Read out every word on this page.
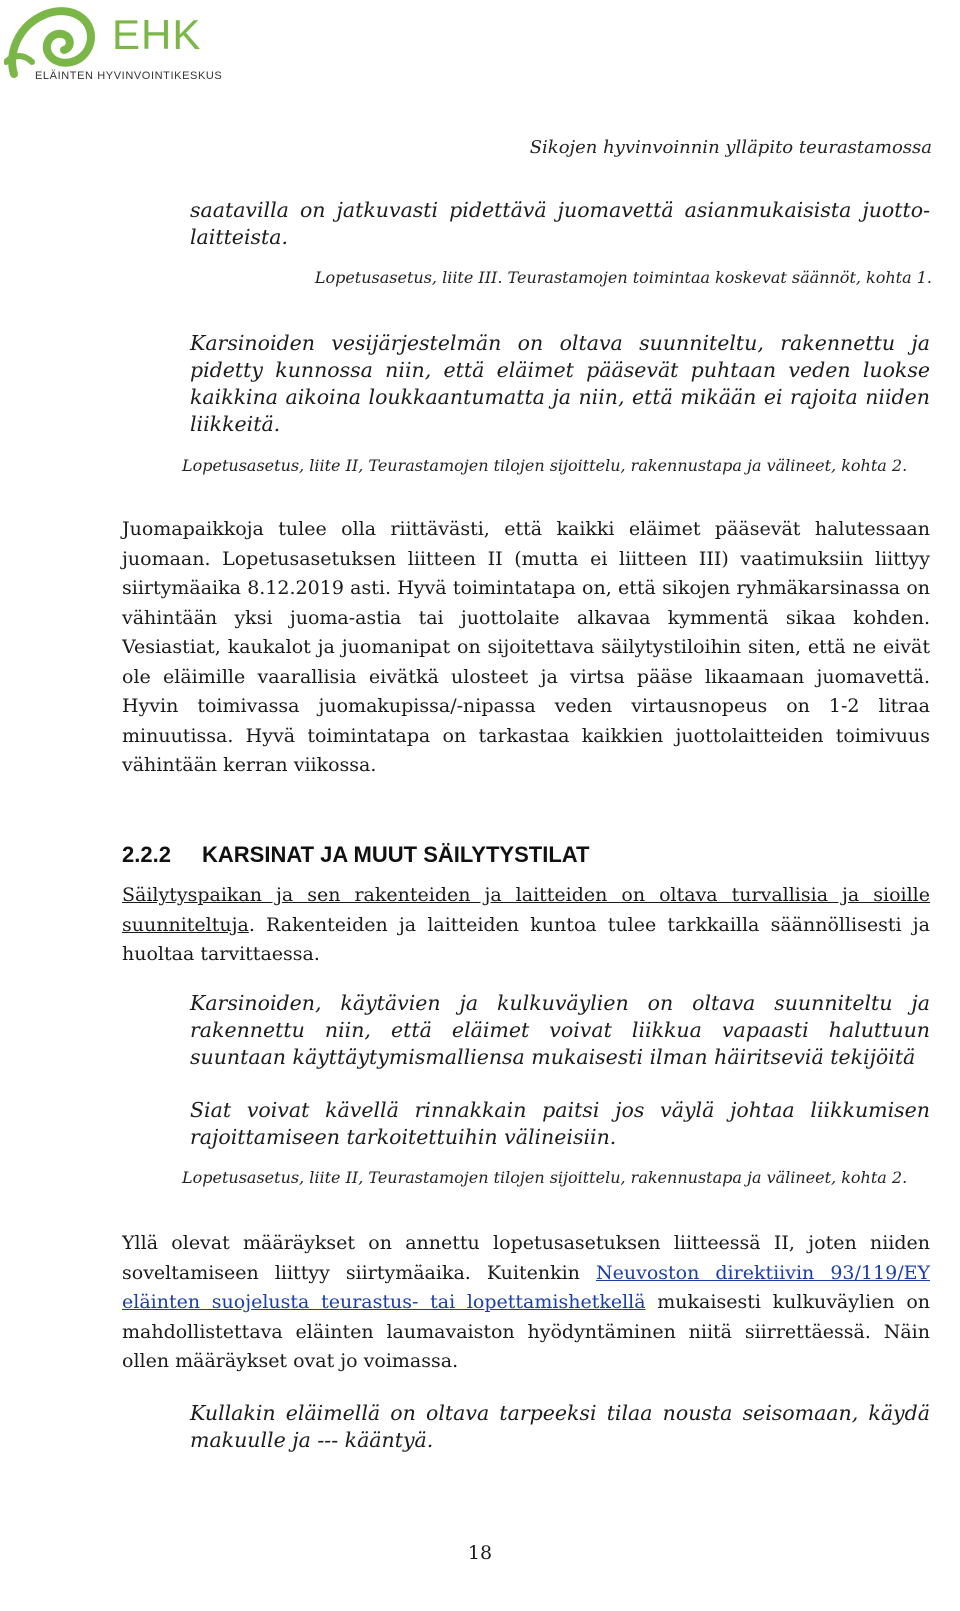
EHK
ELÄINTEN HYVINVOINTIKESKUS
Sikojen hyvinvoinnin ylläpito teurastamossa

saatavilla on jatkuvasti pidettävä juomavettä asianmukaisista juotto-laitteista.

Lopetusasetus, liite III. Teurastamojen toimintaa koskevat säännöt, kohta 1.

Karsinoiden vesijärjestelmän on oltava suunniteltu, rakennettu ja pidetty kunnossa niin, että eläimet pääsevät puhtaan veden luokse kaikkina aikoina loukkaantumatta ja niin, että mikään ei rajoita niiden liikkeitä.

Lopetusasetus, liite II, Teurastamojen tilojen sijoittelu, rakennustapa ja välineet, kohta 2.

Juomapaikkoja tulee olla riittävästi, että kaikki eläimet pääsevät halutessaan juomaan. Lopetusasetuksen liitteen II (mutta ei liitteen III) vaatimuksiin liittyy siirtymäaika 8.12.2019 asti. Hyvä toimintatapa on, että sikojen ryhmäkarsinassa on vähintään yksi juoma-astia tai juottolaite alkavaa kymmentä sikaa kohden. Vesiastiat, kaukalot ja juomanipat on sijoitettava säilytystiloihin siten, että ne eivät ole eläimille vaarallisia eivätkä ulosteet ja virtsa pääse likaamaan juomavettä. Hyvin toimivassa juomakupissa/-nipassa veden virtausnopeus on 1-2 litraa minuutissa. Hyvä toimintatapa on tarkastaa kaikkien juottolaitteiden toimivuus vähintään kerran viikossa.

2.2.2 KARSINAT JA MUUT SÄILYTYSTILAT

Säilytyspaikan ja sen rakenteiden ja laitteiden on oltava turvallisia ja sioille suunniteltuja. Rakenteiden ja laitteiden kuntoa tulee tarkkailla säännöllisesti ja huoltaa tarvittaessa.

Karsinoiden, käytävien ja kulkuväylien on oltava suunniteltu ja rakennettu niin, että eläimet voivat liikkua vapaasti haluttuun suuntaan käyttäytymismalliensa mukaisesti ilman häiritseviä tekijöitä

Siat voivat kävellä rinnakkain paitsi jos väylä johtaa liikkumisen rajoittamiseen tarkoitettuihin välineisiin.

Lopetusasetus, liite II, Teurastamojen tilojen sijoittelu, rakennustapa ja välineet, kohta 2.

Yllä olevat määräykset on annettu lopetusasetuksen liitteessä II, joten niiden soveltamiseen liittyy siirtymäaika. Kuitenkin Neuvoston direktiivin 93/119/EY eläinten suojelusta teurastus- tai lopettamishetkellä mukaisesti kulkuväylien on mahdollistettava eläinten laumavaiston hyödyntäminen niitä siirrettäessä. Näin ollen määräykset ovat jo voimassa.

Kullakin eläimellä on oltava tarpeeksi tilaa nousta seisomaan, käydä makuulle ja --- kääntyä.

18
